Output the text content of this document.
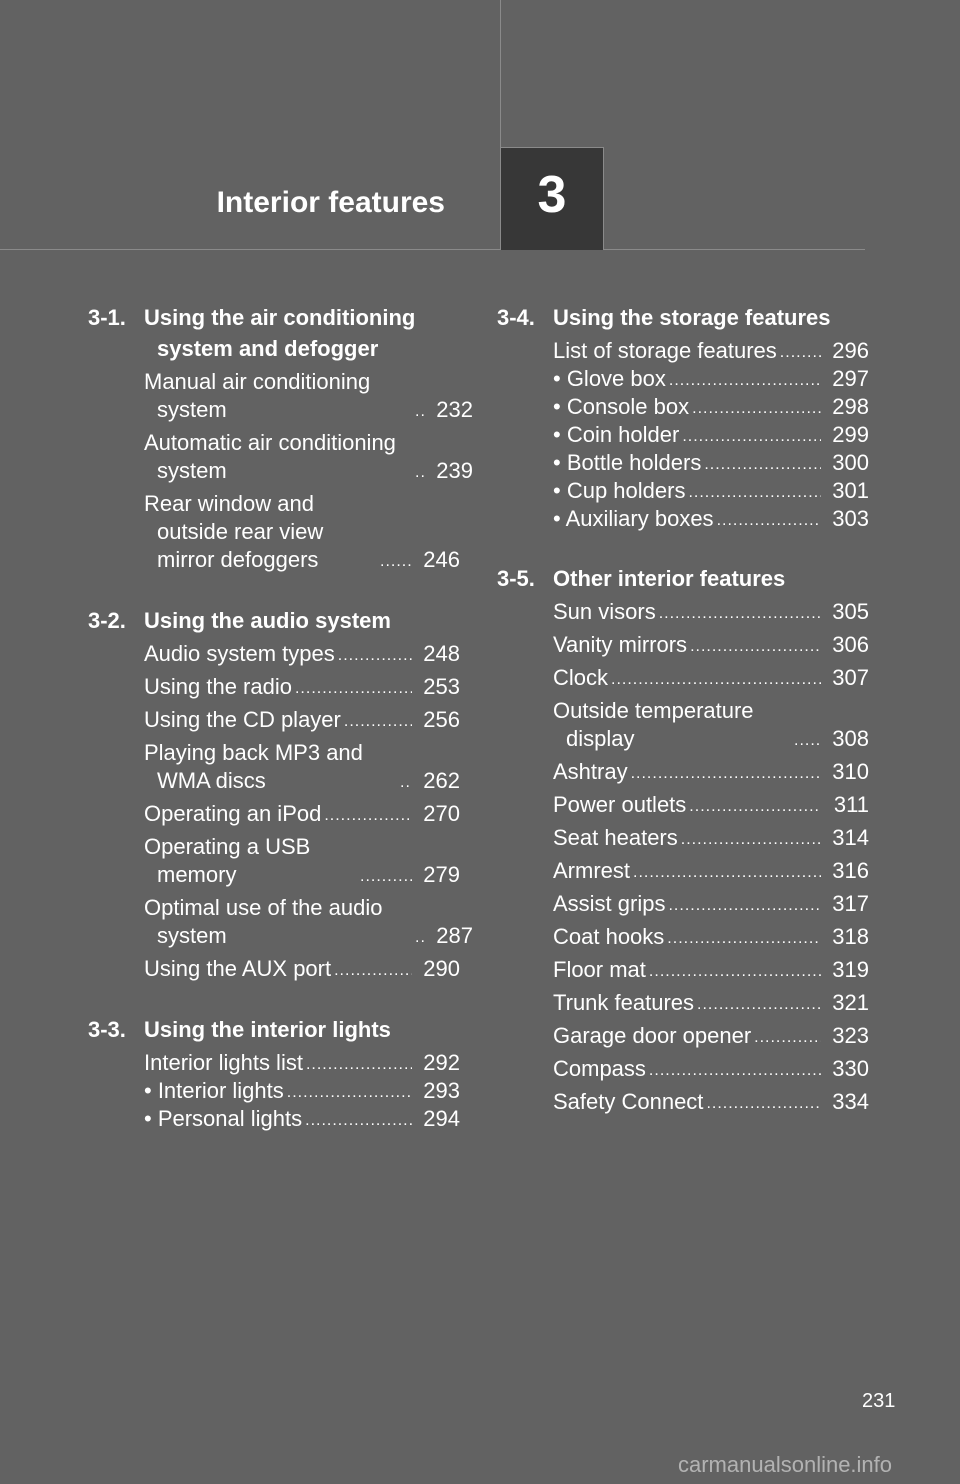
Interior features 3
3-1. Using the air conditioning system and defogger
Manual air conditioning system .....	232
Automatic air conditioning system .....	239
Rear window and outside rear view mirror defoggers .....	246
3-2. Using the audio system
Audio system types .....	248
Using the radio .....	253
Using the CD player .....	256
Playing back MP3 and WMA discs .....	262
Operating an iPod .....	270
Operating a USB memory .....	279
Optimal use of the audio system .....	287
Using the AUX port .....	290
3-3. Using the interior lights
Interior lights list .....	292
• Interior lights .....	293
• Personal lights .....	294
3-4. Using the storage features
List of storage features .....	296
• Glove box .....	297
• Console box .....	298
• Coin holder .....	299
• Bottle holders .....	300
• Cup holders .....	301
• Auxiliary boxes .....	303
3-5. Other interior features
Sun visors .....	305
Vanity mirrors .....	306
Clock .....	307
Outside temperature display .....	308
Ashtray .....	310
Power outlets .....	311
Seat heaters .....	314
Armrest .....	316
Assist grips .....	317
Coat hooks .....	318
Floor mat .....	319
Trunk features .....	321
Garage door opener .....	323
Compass .....	330
Safety Connect .....	334
231
carmanualsonline.info
